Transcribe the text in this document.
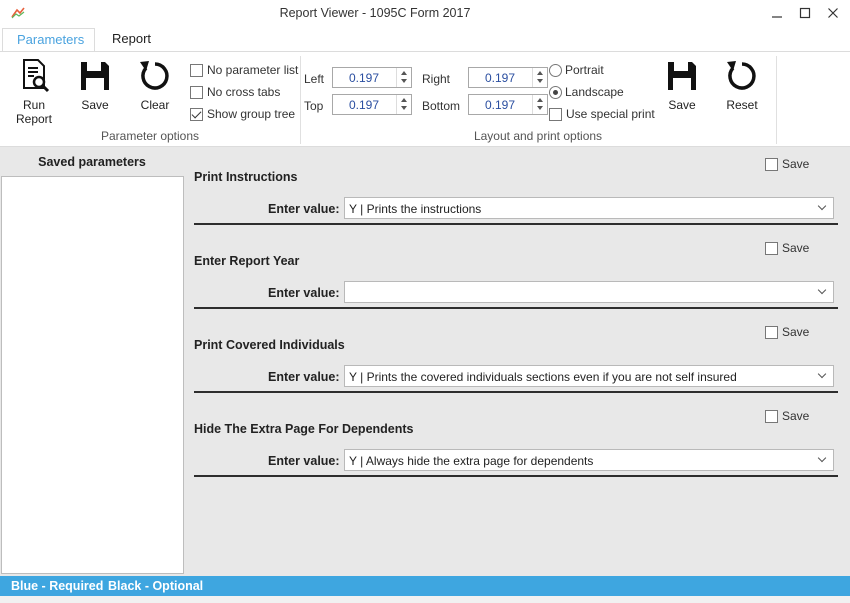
Report Viewer - 1095C Form 2017
Parameters	Report
Run
Report
Save	Clear
No parameter list
No cross tabs
Show group tree
Parameter options
Left	0.197
Top	0.197
Right	0.197
Bottom	0.197
Portrait
Landscape
Use special print
Save	Reset
Layout and print options
Saved parameters
Print Instructions
Save
Enter value: Y | Prints the instructions
Enter Report Year
Save
Enter value:
Print Covered Individuals
Save
Enter value: Y | Prints the covered individuals sections even if you are not self insured
Hide The Extra Page For Dependents
Save
Enter value: Y | Always hide the extra page for dependents
Blue - Required Black - Optional
